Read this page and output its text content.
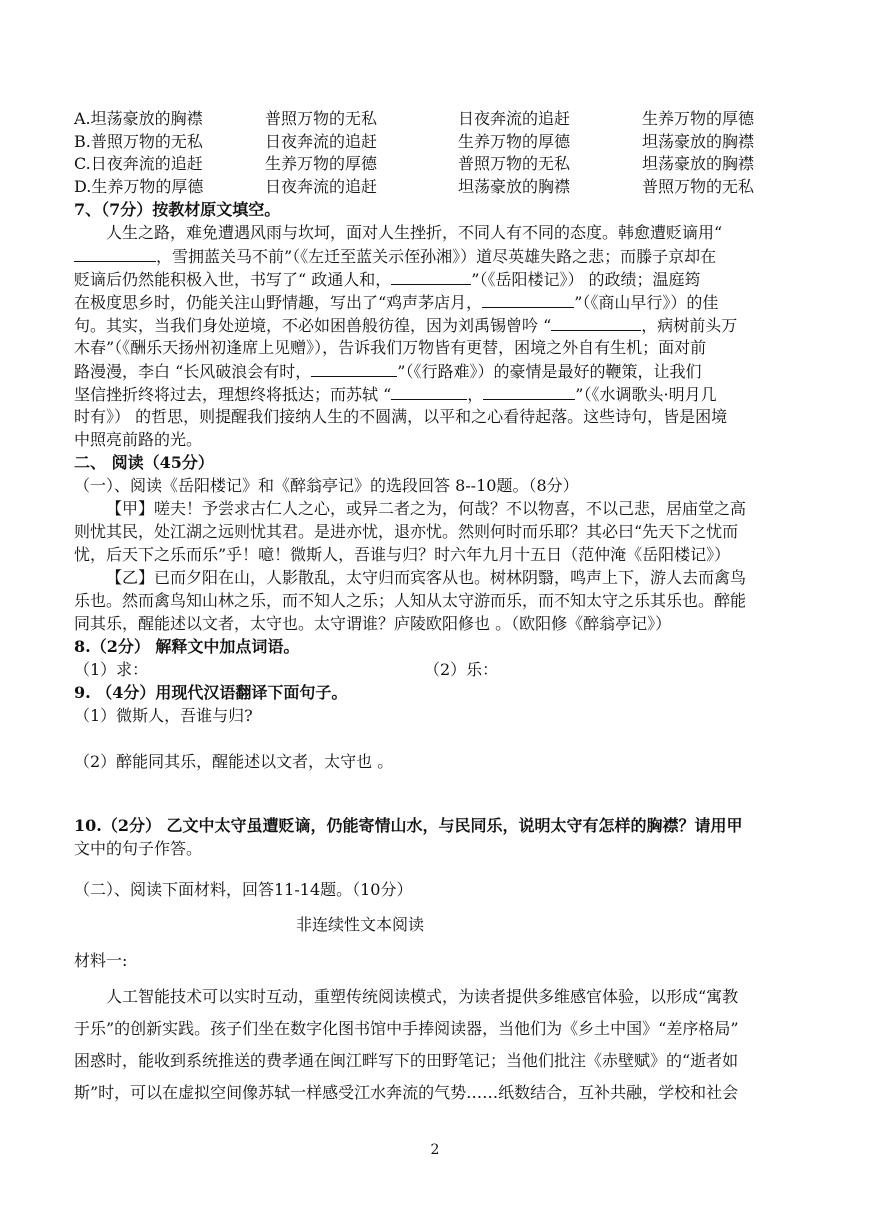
A.坦荡豪放的胸襟	普照万物的无私	日夜奔流的追赶	生养万物的厚德
B.普照万物的无私	日夜奔流的追赶	生养万物的厚德	坦荡豪放的胸襟
C.日夜奔流的追赶	生养万物的厚德	普照万物的无私	坦荡豪放的胸襟
D.生养万物的厚德	日夜奔流的追赶	坦荡豪放的胸襟	普照万物的无私
7、（7分）按教材原文填空。
人生之路，难免遭遇风雨与坎坷，面对人生挫折，不同人有不同的态度。韩愈遭贬谪用“
，雪拥蓝关马不前”（《左迁至蓝关示侄孙湘》）道尽英雄失路之悲；而滕子京却在
贬谪后仍然能积极入世，书写了“ 政通人和，	”（《岳阳楼记》） 的政绩；温庭筠
在极度思乡时，仍能关注山野情趣，写出了“鸡声茅店月，	”（《商山早行》）的佳
句。其实，当我们身处逆境，不必如困兽般彷徨，因为刘禹锡曾吟 “	，病树前头万
木春”（《酬乐天扬州初逢席上见赠》），告诉我们万物皆有更替，困境之外自有生机；面对前
路漫漫，李白 “长风破浪会有时，	”（《行路难》）的豪情是最好的鞭策，让我们
坚信挫折终将过去，理想终将抵达；而苏轼 “	，	”（《水调歌头·明月几
时有》） 的哲思，则提醒我们接纳人生的不圆满，以平和之心看待起落。这些诗句，皆是困境
中照亮前路的光。
二、 阅读（45分）
（一）、阅读《岳阳楼记》和《醉翁亭记》的选段回答 8--10题。（8分）
【甲】嗟夫！予尝求古仁人之心，或异二者之为，何哉？不以物喜，不以己悲，居庙堂之高
则忧其民，处江湖之远则忧其君。是进亦忧，退亦忧。然则何时而乐耶？其必曰“先天下之忧而
忧，后天下之乐而乐”乎！噫！微斯人，吾谁与归？时六年九月十五日（范仲淹《岳阳楼记》）
【乙】已而夕阳在山，人影散乱，太守归而宾客从也。树林阴翳，鸣声上下，游人去而禽鸟
乐也。然而禽鸟知山林之乐，而不知人之乐；人知从太守游而乐，而不知太守之乐其乐也。醉能
同其乐，醒能述以文者，太守也。太守谓谁？庐陵欧阳修也 。（欧阳修《醉翁亭记》）
8.（2分） 解释文中加点词语。
（1）求：	（2）乐：
9. （4分）用现代汉语翻译下面句子。
（1）微斯人，吾谁与归?
（2）醉能同其乐，醒能述以文者，太守也 。
10.（2分） 乙文中太守虽遭贬谪，仍能寄情山水，与民同乐，说明太守有怎样的胸襟？请用甲
文中的句子作答。
（二）、阅读下面材料，回答11-14题。（10分）
非连续性文本阅读
材料一:
人工智能技术可以实时互动，重塑传统阅读模式，为读者提供多维感官体验，以形成“寓教
于乐”的创新实践。孩子们坐在数字化图书馆中手捧阅读器，当他们为《乡土中国》“差序格局”
困惑时，能收到系统推送的费孝通在闽江畔写下的田野笔记；当他们批注《赤壁赋》的“逝者如
斯”时，可以在虚拟空间像苏轼一样感受江水奔流的气势……纸数结合，互补共融，学校和社会
2
